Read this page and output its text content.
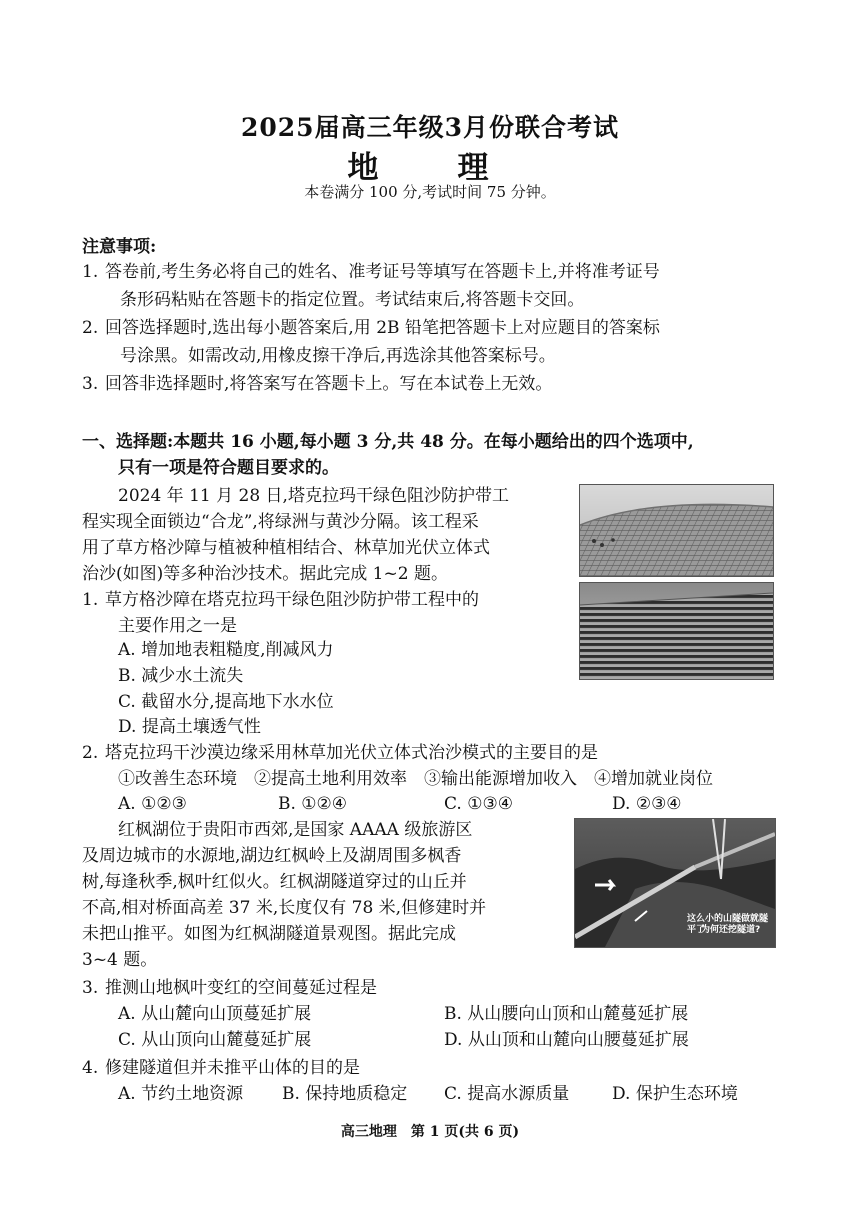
2025届高三年级3月份联合考试
地　理
本卷满分 100 分,考试时间 75 分钟。
注意事项:
1. 答卷前,考生务必将自己的姓名、准考证号等填写在答题卡上,并将准考证号
条形码粘贴在答题卡的指定位置。考试结束后,将答题卡交回。
2. 回答选择题时,选出每小题答案后,用 2B 铅笔把答题卡上对应题目的答案标
号涂黑。如需改动,用橡皮擦干净后,再选涂其他答案标号。
3. 回答非选择题时,将答案写在答题卡上。写在本试卷上无效。
一、选择题:本题共 16 小题,每小题 3 分,共 48 分。在每小题给出的四个选项中,
只有一项是符合题目要求的。
2024 年 11 月 28 日,塔克拉玛干绿色阻沙防护带工
程实现全面锁边“合龙”,将绿洲与黄沙分隔。该工程采
用了草方格沙障与植被种植相结合、林草加光伏立体式
治沙(如图)等多种治沙技术。据此完成 1~2 题。
1. 草方格沙障在塔克拉玛干绿色阻沙防护带工程中的
主要作用之一是
A. 增加地表粗糙度,削减风力
B. 减少水土流失
C. 截留水分,提高地下水水位
D. 提高土壤透气性
2. 塔克拉玛干沙漠边缘采用林草加光伏立体式治沙模式的主要目的是
①改善生态环境　②提高土地利用效率　③输出能源增加收入　④增加就业岗位
A. ①②③	B. ①②④	C. ①③④	D. ②③④
红枫湖位于贵阳市西郊,是国家 AAAA 级旅游区
及周边城市的水源地,湖边红枫岭上及湖周围多枫香
树,每逢秋季,枫叶红似火。红枫湖隧道穿过的山丘并
不高,相对桥面高差 37 米,长度仅有 78 米,但修建时并
未把山推平。如图为红枫湖隧道景观图。据此完成
3~4 题。
这么小的山隧做就隧平了
为何还挖隧道?
3. 推测山地枫叶变红的空间蔓延过程是
A. 从山麓向山顶蔓延扩展	B. 从山腰向山顶和山麓蔓延扩展
C. 从山顶向山麓蔓延扩展	D. 从山顶和山麓向山腰蔓延扩展
4. 修建隧道但并未推平山体的目的是
A. 节约土地资源 B. 保持地质稳定 C. 提高水源质量	D. 保护生态环境
高三地理　第 1 页(共 6 页)
